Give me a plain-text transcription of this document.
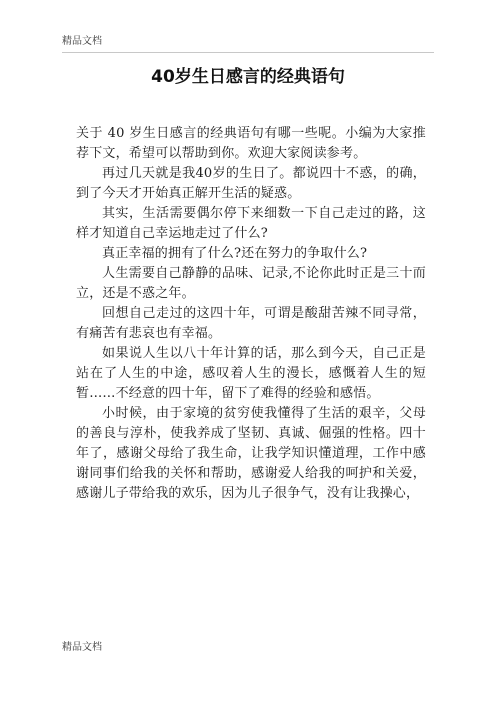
精品文档
40岁生日感言的经典语句

关于 40 岁生日感言的经典语句有哪一些呢。小编为大家推荐下文，希望可以帮助到你。欢迎大家阅读参考。

再过几天就是我40岁的生日了。都说四十不惑，的确，到了今天才开始真正解开生活的疑惑。

其实，生活需要偶尔停下来细数一下自己走过的路，这样才知道自己幸运地走过了什么?

真正幸福的拥有了什么?还在努力的争取什么?

人生需要自己静静的品味、记录,不论你此时正是三十而立，还是不惑之年。

回想自己走过的这四十年，可谓是酸甜苦辣不同寻常，有痛苦有悲哀也有幸福。

如果说人生以八十年计算的话，那么到今天，自己正是站在了人生的中途，感叹着人生的漫长，感慨着人生的短暂……不经意的四十年，留下了难得的经验和感悟。

小时候，由于家境的贫穷使我懂得了生活的艰辛，父母的善良与淳朴，使我养成了坚韧、真诚、倔强的性格。四十年了，感谢父母给了我生命，让我学知识懂道理，工作中感谢同事们给我的关怀和帮助，感谢爱人给我的呵护和关爱，感谢儿子带给我的欢乐，因为儿子很争气，没有让我操心，

精品文档
